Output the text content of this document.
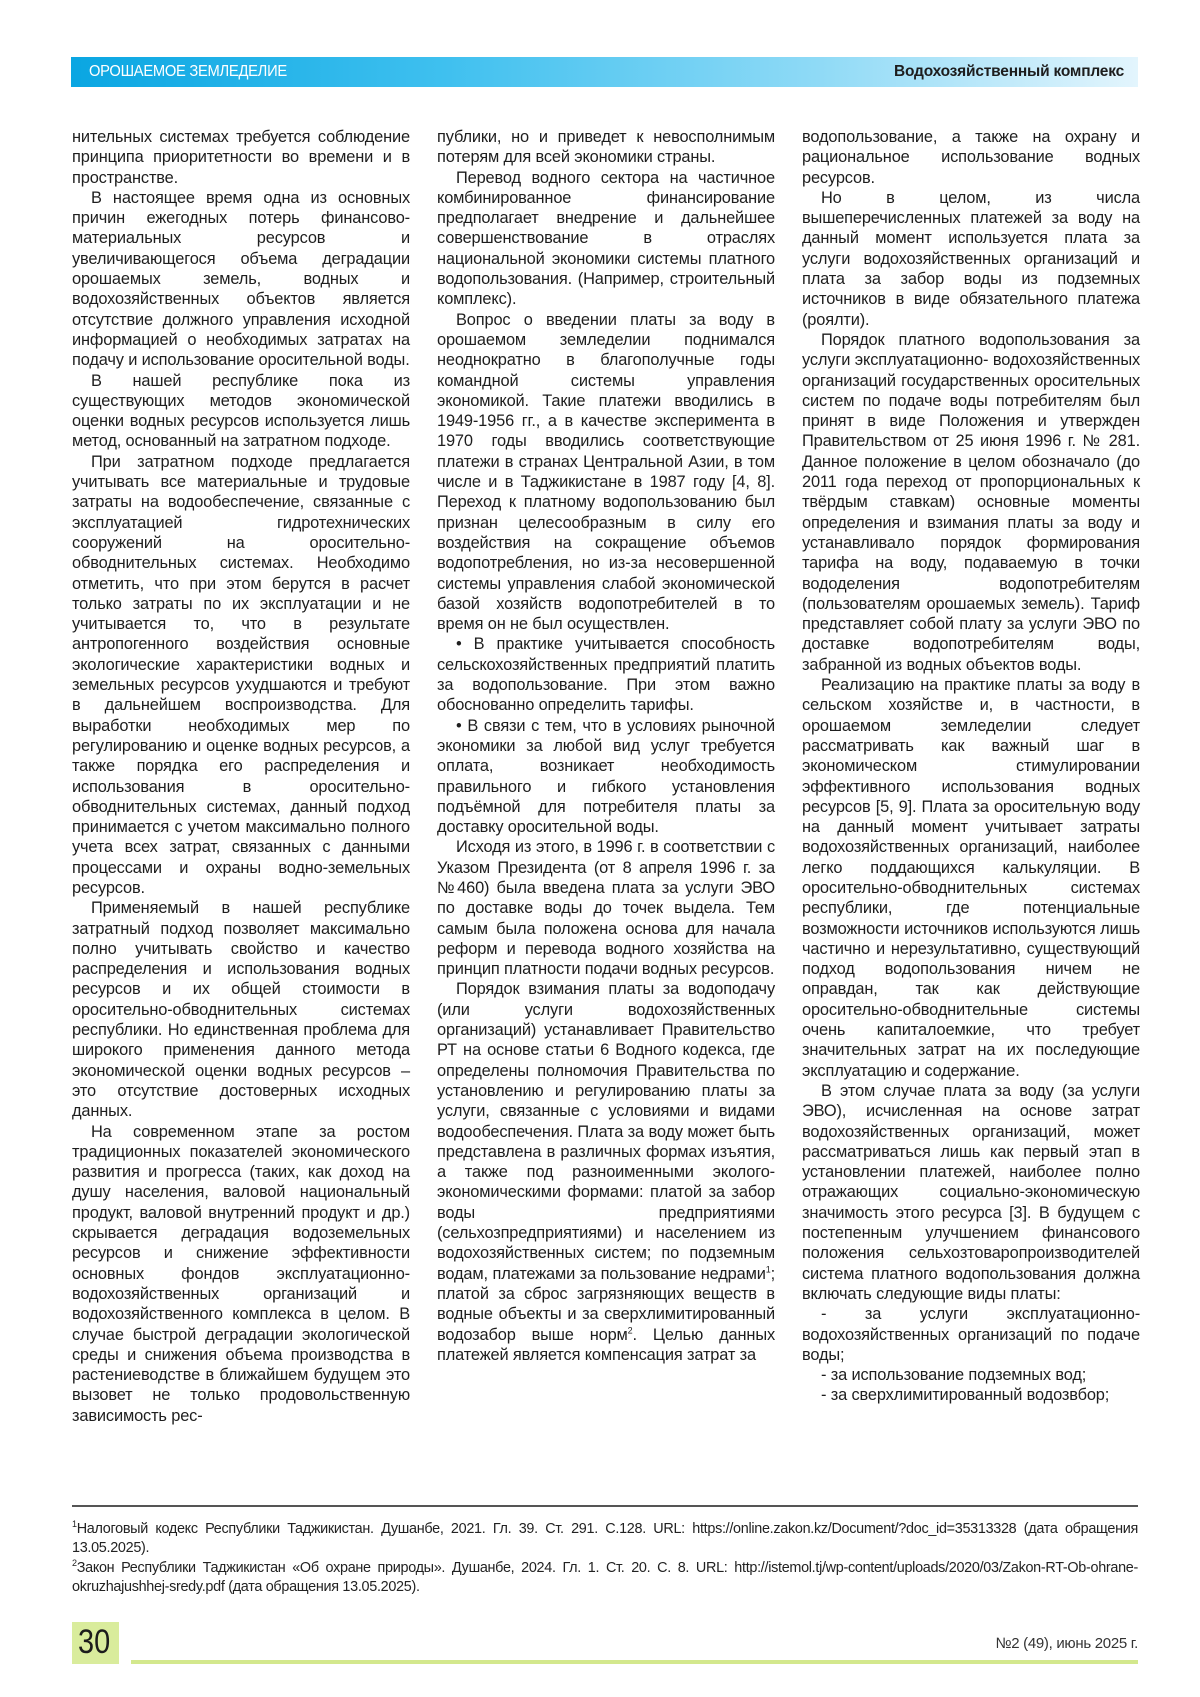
ОРОШАЕМОЕ ЗЕМЛЕДЕЛИЕ	Водохозяйственный комплекс

нительных системах требуется соблюдение принципа приоритетности во времени и в пространстве.

В настоящее время одна из основных причин ежегодных потерь финансово-материальных ресурсов и увеличивающегося объема деградации орошаемых земель, водных и водохозяйственных объектов является отсутствие должного управления исходной информацией о необходимых затратах на подачу и использование оросительной воды.

В нашей республике пока из существующих методов экономической оценки водных ресурсов используется лишь метод, основанный на затратном подходе.

При затратном подходе предлагается учитывать все материальные и трудовые затраты на водообеспечение, связанные с эксплуатацией гидротехнических сооружений на оросительно-обводнительных системах. Необходимо отметить, что при этом берутся в расчет только затраты по их эксплуатации и не учитывается то, что в результате антропогенного воздействия основные экологические характеристики водных и земельных ресурсов ухудшаются и требуют в дальнейшем воспроизводства. Для выработки необходимых мер по регулированию и оценке водных ресурсов, а также порядка его распределения и использования в оросительно-обводнительных системах, данный подход принимается с учетом максимально полного учета всех затрат, связанных с данными процессами и охраны водно-земельных ресурсов.

Применяемый в нашей республике затратный подход позволяет максимально полно учитывать свойство и качество распределения и использования водных ресурсов и их общей стоимости в оросительно-обводнительных системах республики. Но единственная проблема для широкого применения данного метода экономической оценки водных ресурсов – это отсутствие достоверных исходных данных.

На современном этапе за ростом традиционных показателей экономического развития и прогресса (таких, как доход на душу населения, валовой национальный продукт, валовой внутренний продукт и др.) скрывается деградация водоземельных ресурсов и снижение эффективности основных фондов эксплуатационно-водохозяйственных организаций и водохозяйственного комплекса в целом. В случае быстрой деградации экологической среды и снижения объема производства в растениеводстве в ближайшем будущем это вызовет не только продовольственную зависимость рес-

публики, но и приведет к невосполнимым потерям для всей экономики страны.

Перевод водного сектора на частичное комбинированное финансирование предполагает внедрение и дальнейшее совершенствование в отраслях национальной экономики системы платного водопользования. (Например, строительный комплекс).

Вопрос о введении платы за воду в орошаемом земледелии поднимался неоднократно в благополучные годы командной системы управления экономикой. Такие платежи вводились в 1949-1956 гг., а в качестве эксперимента в 1970 годы вводились соответствующие платежи в странах Центральной Азии, в том числе и в Таджикистане в 1987 году [4, 8]. Переход к платному водопользованию был признан целесообразным в силу его воздействия на сокращение объемов водопотребления, но из-за несовершенной системы управления слабой экономической базой хозяйств водопотребителей в то время он не был осуществлен.

• В практике учитывается способность сельскохозяйственных предприятий платить за водопользование. При этом важно обоснованно определить тарифы.

• В связи с тем, что в условиях рыночной экономики за любой вид услуг требуется оплата, возникает необходимость правильного и гибкого установления подъёмной для потребителя платы за доставку оросительной воды.

Исходя из этого, в 1996 г. в соответствии с Указом Президента (от 8 апреля 1996 г. за №460) была введена плата за услуги ЭВО по доставке воды до точек выдела. Тем самым была положена основа для начала реформ и перевода водного хозяйства на принцип платности подачи водных ресурсов.

Порядок взимания платы за водоподачу (или услуги водохозяйственных организаций) устанавливает Правительство РТ на основе статьи 6 Водного кодекса, где определены полномочия Правительства по установлению и регулированию платы за услуги, связанные с условиями и видами водообеспечения. Плата за воду может быть представлена в различных формах изъятия, а также под разноименными эколого-экономическими формами: платой за забор воды предприятиями (сельхозпредприятиями) и населением из водохозяйственных систем; по подземным водам, платежами за пользование недрами1; платой за сброс загрязняющих веществ в водные объекты и за сверхлимитированный водозабор выше норм2. Целью данных платежей является компенсация затрат за

водопользование, а также на охрану и рациональное использование водных ресурсов.

Но в целом, из числа вышеперечисленных платежей за воду на данный момент используется плата за услуги водохозяйственных организаций и плата за забор воды из подземных источников в виде обязательного платежа (роялти).

Порядок платного водопользования за услуги эксплуатационно- водохозяйственных организаций государственных оросительных систем по подаче воды потребителям был принят в виде Положения и утвержден Правительством от 25 июня 1996 г. № 281. Данное положение в целом обозначало (до 2011 года переход от пропорциональных к твёрдым ставкам) основные моменты определения и взимания платы за воду и устанавливало порядок формирования тарифа на воду, подаваемую в точки вододеления водопотребителям (пользователям орошаемых земель). Тариф представляет собой плату за услуги ЭВО по доставке водопотребителям воды, забранной из водных объектов воды.

Реализацию на практике платы за воду в сельском хозяйстве и, в частности, в орошаемом земледелии следует рассматривать как важный шаг в экономическом стимулировании эффективного использования водных ресурсов [5, 9]. Плата за оросительную воду на данный момент учитывает затраты водохозяйственных организаций, наиболее легко поддающихся калькуляции. В оросительно-обводнительных системах республики, где потенциальные возможности источников используются лишь частично и нерезультативно, существующий подход водопользования ничем не оправдан, так как действующие оросительно-обводнительные системы очень капиталоемкие, что требует значительных затрат на их последующие эксплуатацию и содержание.

В этом случае плата за воду (за услуги ЭВО), исчисленная на основе затрат водохозяйственных организаций, может рассматриваться лишь как первый этап в установлении платежей, наиболее полно отражающих социально-экономическую значимость этого ресурса [3]. В будущем с постепенным улучшением финансового положения сельхозтоваропроизводителей система платного водопользования должна включать следующие виды платы:

- за услуги эксплуатационно-водохозяйственных организаций по подаче воды;

- за использование подземных вод;

- за сверхлимитированный водозвбор;

1Налоговый кодекс Республики Таджикистан. Душанбе, 2021. Гл. 39. Ст. 291. С.128. URL: https://online.zakon.kz/Document/?doc_id=35313328 (дата обращения 13.05.2025).
2Закон Республики Таджикистан «Об охране природы». Душанбе, 2024. Гл. 1. Ст. 20. С. 8. URL: http://istemol.tj/wp-content/uploads/2020/03/Zakon-RT-Ob-ohrane-okruzhajushhej-sredy.pdf (дата обращения 13.05.2025).
30	№2 (49), июнь 2025 г.
